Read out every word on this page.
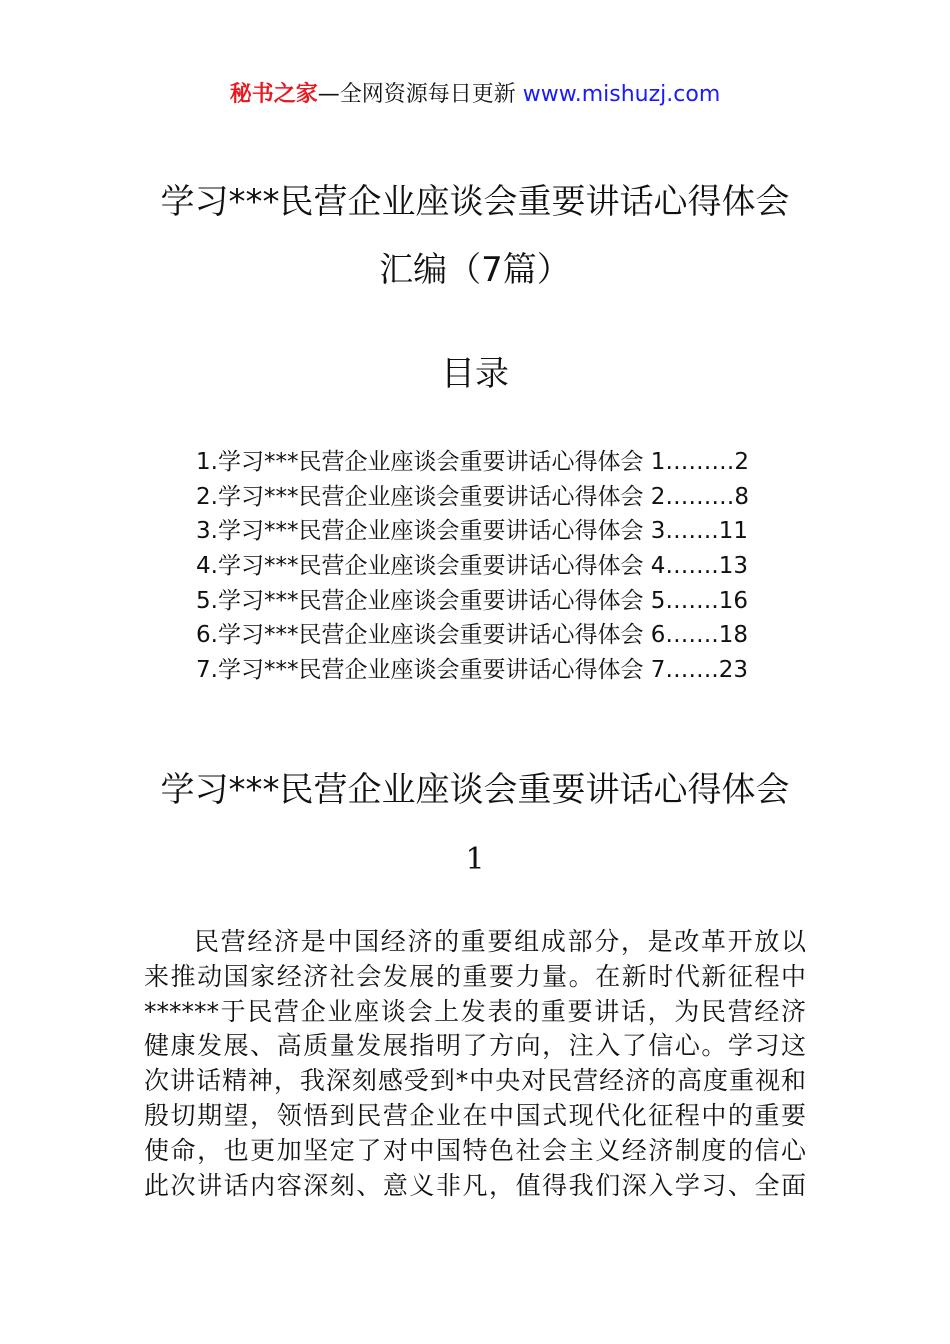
秘书之家—全网资源每日更新 www.mishuzj.com
学习***民营企业座谈会重要讲话心得体会
汇编（7篇）
目录
1.学习***民营企业座谈会重要讲话心得体会 1………2
2.学习***民营企业座谈会重要讲话心得体会 2………8
3.学习***民营企业座谈会重要讲话心得体会 3…….11
4.学习***民营企业座谈会重要讲话心得体会 4…….13
5.学习***民营企业座谈会重要讲话心得体会 5…….16
6.学习***民营企业座谈会重要讲话心得体会 6…….18
7.学习***民营企业座谈会重要讲话心得体会 7…….23
学习***民营企业座谈会重要讲话心得体会
1
民营经济是中国经济的重要组成部分，是改革开放以
来推动国家经济社会发展的重要力量。在新时代新征程中
******于民营企业座谈会上发表的重要讲话，为民营经济
健康发展、高质量发展指明了方向，注入了信心。学习这
次讲话精神，我深刻感受到*中央对民营经济的高度重视和
殷切期望，领悟到民营企业在中国式现代化征程中的重要
使命，也更加坚定了对中国特色社会主义经济制度的信心
此次讲话内容深刻、意义非凡，值得我们深入学习、全面
